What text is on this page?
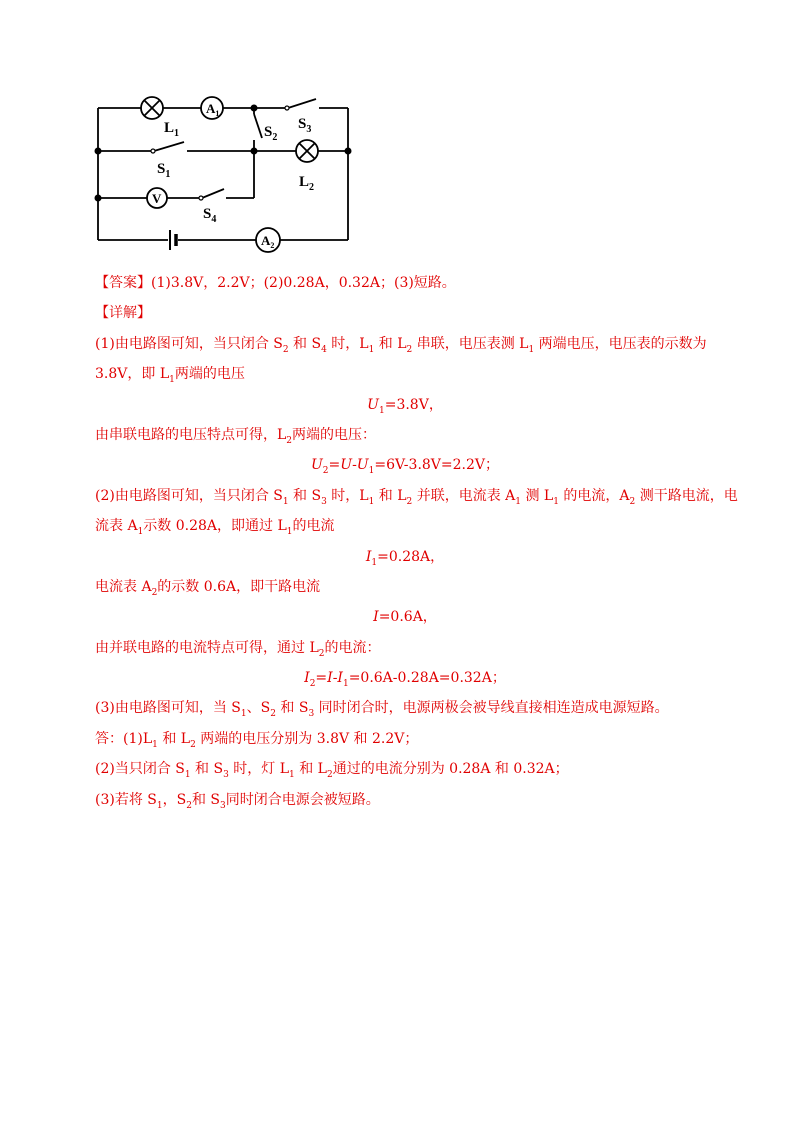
$A_1$
$A_2$
V
$L_1$
$L_2$
$S_1$
$S_2$
$S_3$
$S_4$
【答案】(1)3.8V，2.2V；(2)0.28A，0.32A；(3)短路。
【详解】
(1)由电路图可知，当只闭合 $S_2$ 和 $S_4$ 时，$L_1$ 和 $L_2$ 串联，电压表测 $L_1$ 两端电压，电压表的示数为
3.8V，即 $L_1$两端的电压
$U_1=3.8V$，
由串联电路的电压特点可得，$L_2$两端的电压：
$U_2=U-U_1=6V-3.8V=2.2V$；
(2)由电路图可知，当只闭合 $S_1$ 和 $S_3$ 时，$L_1$ 和 $L_2$ 并联，电流表 $A_1$ 测 $L_1$ 的电流，$A_2$ 测干路电流，电
流表 $A_1$示数 0.28A，即通过 $L_1$的电流
$I_1=0.28A$，
电流表 $A_2$的示数 0.6A，即干路电流
I=0.6A，
由并联电路的电流特点可得，通过 $L_2$的电流：
$I_2=I-I_1=0.6A-0.28A=0.32A$；
(3)由电路图可知，当 $S_1$、$S_2$ 和 $S_3$ 同时闭合时，电源两极会被导线直接相连造成电源短路。
答：$(1)L_1$ 和 $L_2$ 两端的电压分别为 3.8V 和 2.2V；
(2)当只闭合 $S_1$ 和 $S_3$ 时，灯 $L_1$ 和 $L_2$通过的电流分别为 0.28A 和 0.32A；
(3)若将 $S_1$，$S_2$和 $S_3$同时闭合电源会被短路。
